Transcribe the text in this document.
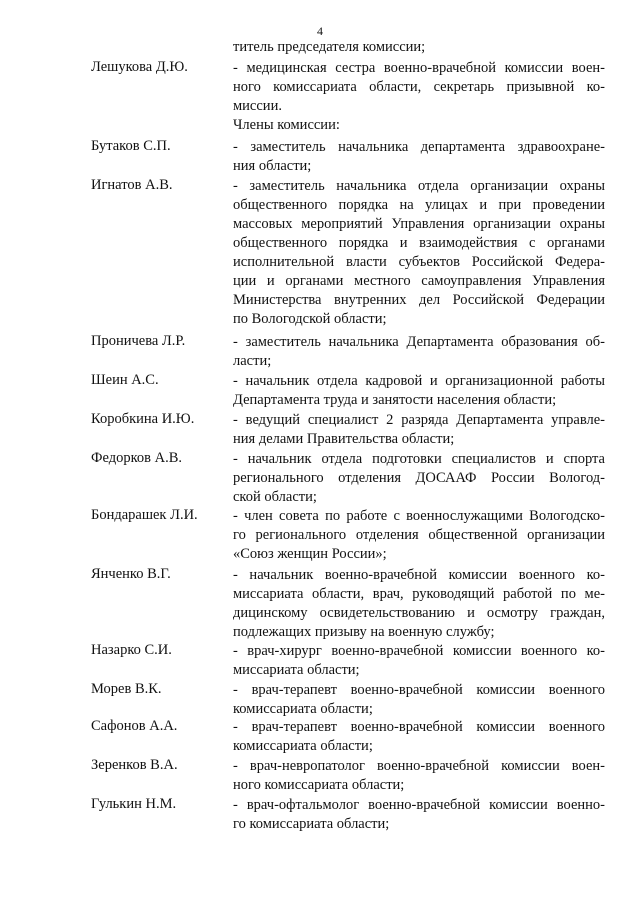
4
титель председателя комиссии;
Лешукова Д.Ю.	- медицинская сестра военно-врачебной комиссии воен-
ного комиссариата области, секретарь призывной ко-
миссии.
Члены комиссии:
Бутаков С.П.	- заместитель начальника департамента здравоохране-
ния области;
Игнатов А.В.	- заместитель начальника отдела организации охраны
общественного порядка на улицах и при проведении
массовых мероприятий Управления организации охраны
общественного порядка и взаимодействия с органами
исполнительной власти субъектов Российской Федера-
ции и органами местного самоуправления Управления
Министерства внутренних дел Российской Федерации
по Вологодской области;
Проничева Л.Р.	- заместитель начальника Департамента образования об-
ласти;
Шеин А.С.	- начальник отдела кадровой и организационной работы
Департамента труда и занятости населения области;
Коробкина И.Ю.	- ведущий специалист 2 разряда Департамента управле-
ния делами Правительства области;
Федорков А.В.	- начальник отдела подготовки специалистов и спорта
регионального отделения ДОСААФ России Вологод-
ской области;
Бондарашек Л.И. - член совета по работе с военнослужащими Вологодско-
го регионального отделения общественной организации
«Союз женщин России»;
Янченко В.Г.	- начальник военно-врачебной комиссии военного ко-
миссариата области, врач, руководящий работой по ме-
дицинскому освидетельствованию и осмотру граждан,
подлежащих призыву на военную службу;
Назарко С.И.	- врач-хирург военно-врачебной комиссии военного ко-
миссариата области;
Морев В.К.	- врач-терапевт военно-врачебной комиссии военного
комиссариата области;
Сафонов А.А.	- врач-терапевт военно-врачебной комиссии военного
комиссариата области;
Зеренков В.А.	- врач-невропатолог военно-врачебной комиссии воен-
ного комиссариата области;
Гулькин Н.М.	- врач-офтальмолог военно-врачебной комиссии военно-
го комиссариата области;
